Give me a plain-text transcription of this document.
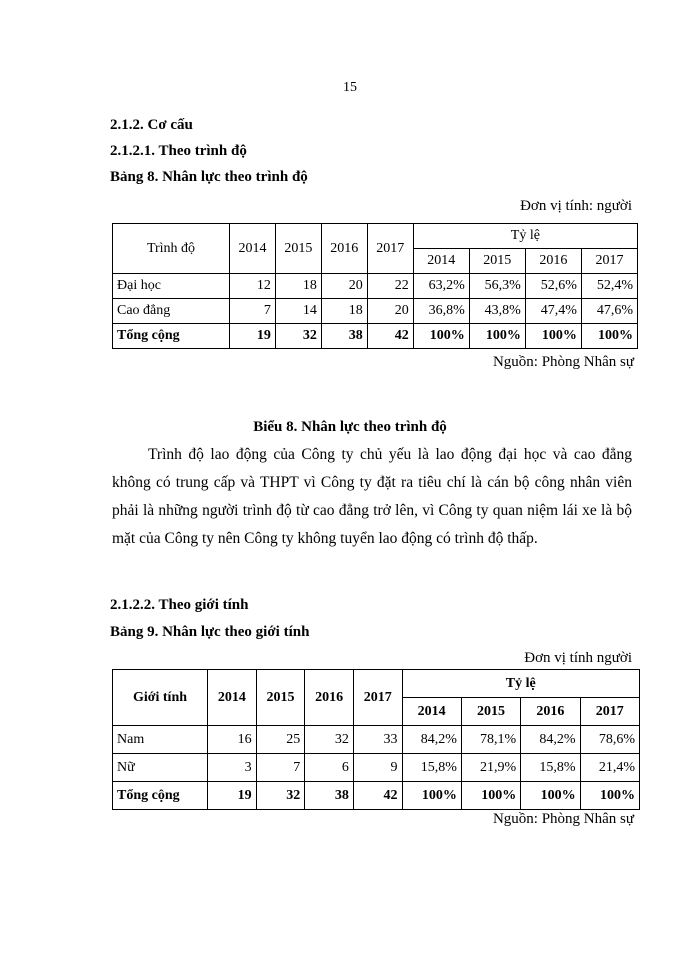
15
2.1.2. Cơ cấu
2.1.2.1. Theo trình độ
Bảng 8. Nhân lực theo trình độ
Đơn vị tính: người
Trình độ	2014	2015	2016	2017	Tỷ lệ			
					2014	2015	2016	2017
Đại học	12	18	20	22	63,2%	56,3%	52,6%	52,4%
Cao đẳng	7	14	18	20	36,8%	43,8%	47,4%	47,6%
Tổng cộng	19	32	38	42	100%	100%	100%	100%
Nguồn: Phòng Nhân sự
Biểu 8. Nhân lực theo trình độ
Trình độ lao động của Công ty chủ yếu là lao động đại học và cao đẳng không có trung cấp và THPT vì Công ty đặt ra tiêu chí là cán bộ công nhân viên phải là những người trình độ từ cao đẳng trở lên, vì Công ty quan niệm lái xe là bộ mặt của Công ty nên Công ty không tuyển lao động có trình độ thấp.
2.1.2.2. Theo giới tính
Bảng 9. Nhân lực theo giới tính
Đơn vị tính người
Giới tính	2014	2015	2016	2017	Tỷ lệ			
					2014	2015	2016	2017
Nam	16	25	32	33	84,2%	78,1%	84,2%	78,6%
Nữ	3	7	6	9	15,8%	21,9%	15,8%	21,4%
Tổng cộng	19	32	38	42	100%	100%	100%	100%
Nguồn: Phòng Nhân sự
